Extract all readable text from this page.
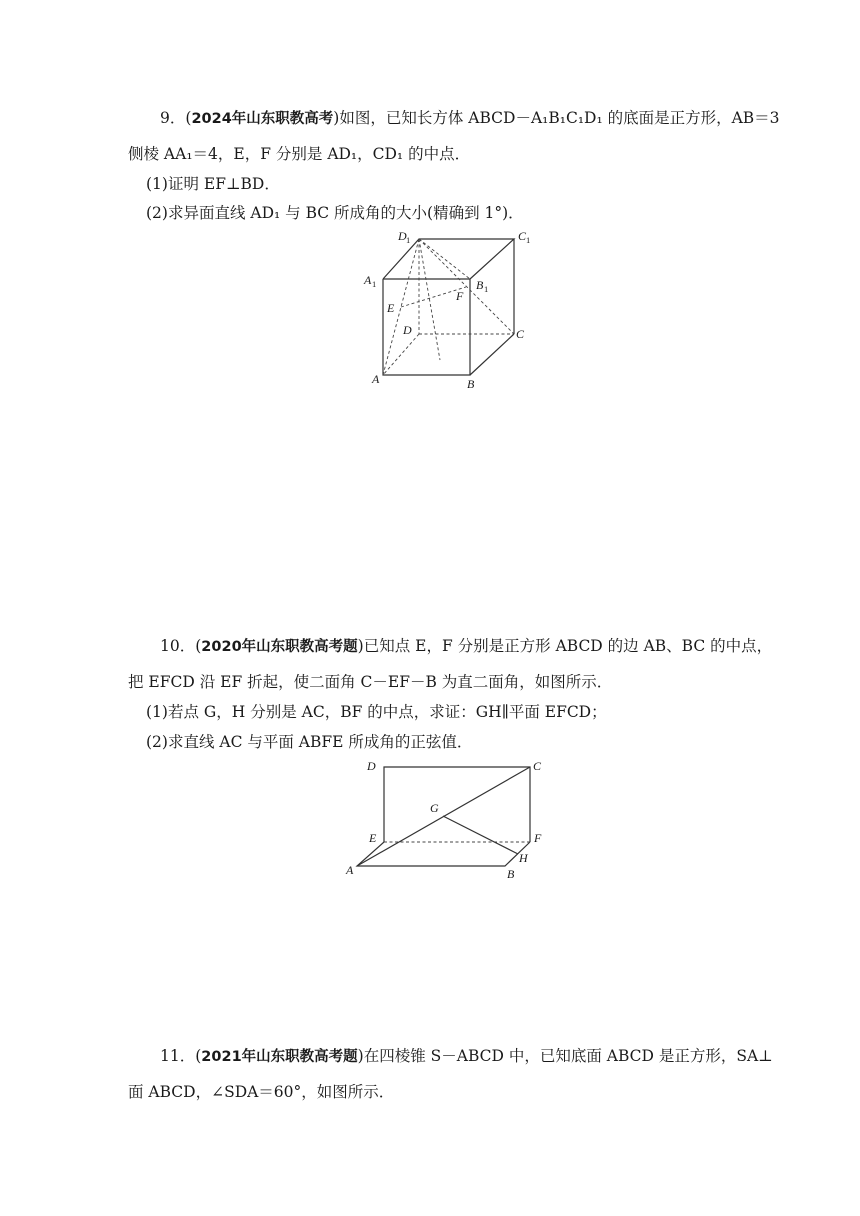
9．(2024年山东职教高考)如图，已知长方体 ABCD－A₁B₁C₁D₁ 的底面是正方形，AB＝3
侧棱 AA₁＝4，E，F 分别是 AD₁，CD₁ 的中点．
(1)证明 EF⊥BD．
(2)求异面直线 AD₁ 与 BC 所成角的大小(精确到 1°)．
D 1	C 1
A 1	B 1
E
F
D	C
A	B
10．(2020年山东职教高考题)已知点 E，F 分别是正方形 ABCD 的边 AB、BC 的中点，
把 EFCD 沿 EF 折起，使二面角 C－EF－B 为直二面角，如图所示．
(1)若点 G，H 分别是 AC，BF 的中点，求证：GH∥平面 EFCD；
(2)求直线 AC 与平面 ABFE 所成角的正弦值．
D	C
G
E	F
H
A	B
11．(2021年山东职教高考题)在四棱锥 S－ABCD 中，已知底面 ABCD 是正方形，SA⊥
面 ABCD，∠SDA＝60°，如图所示．
